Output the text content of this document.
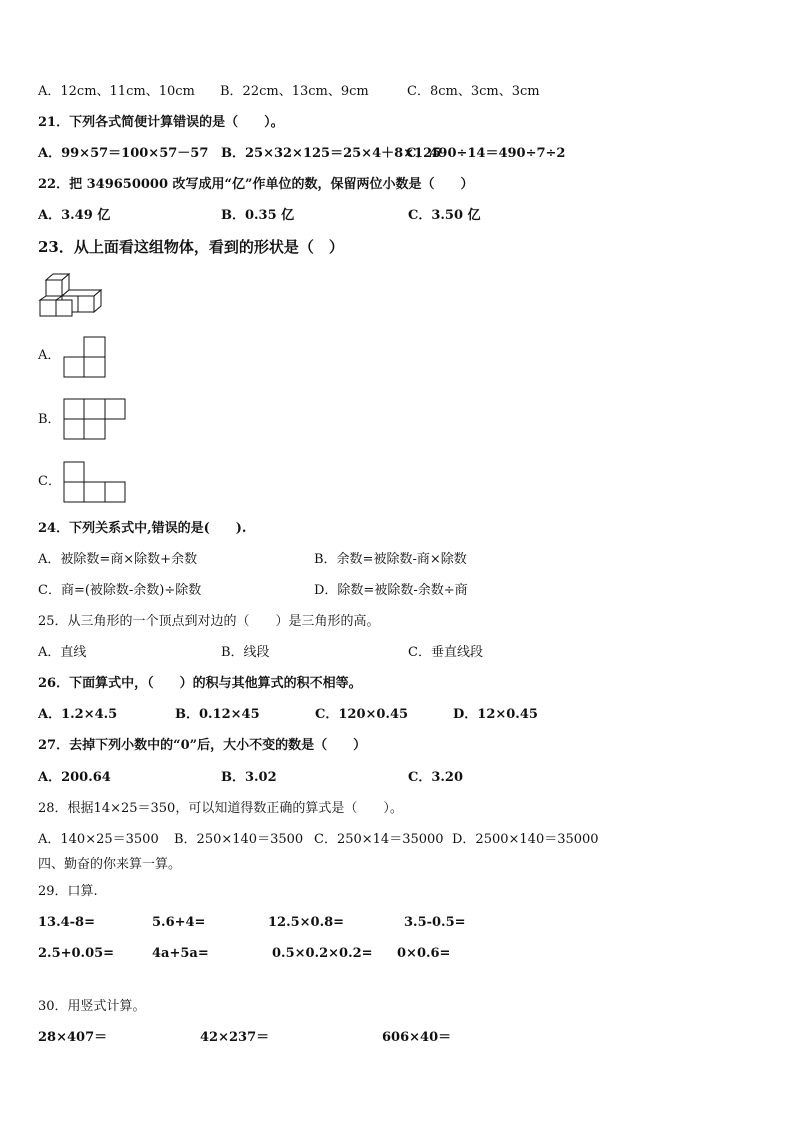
A．12cm、11cm、10cm B．22cm、13cm、9cm	C．8cm、3cm、3cm
21．下列各式简便计算错误的是（　　）。
A．99×57＝100×57－57 B．25×32×125＝25×4＋8×125C．490÷14＝490÷7÷2
22．把 349650000 改写成用“亿”作单位的数，保留两位小数是（　　）
A．3.49 亿	B．0.35 亿	C．3.50 亿
23．从上面看这组物体，看到的形状是（　）
A．
B．
C．
24．下列关系式中,错误的是(　　).
A．被除数=商×除数+余数	B．余数=被除数-商×除数
C．商=(被除数-余数)÷除数	D．除数=被除数-余数÷商
25．从三角形的一个顶点到对边的（　　）是三角形的高。
A．直线	B．线段	C．垂直线段
26．下面算式中，（　　）的积与其他算式的积不相等。
A．1.2×4.5	B．0.12×45	C．120×0.45	D．12×0.45
27．去掉下列小数中的“0”后，大小不变的数是（　　）
A．200.64	B．3.02	C．3.20
28．根据14×25＝350，可以知道得数正确的算式是（　　）。
A．140×25＝3500 B．250×140＝3500 C．250×14＝35000 D．2500×140＝35000
四、勤奋的你来算一算。
29．口算.
13.4-8=	5.6+4=	12.5×0.8=	3.5-0.5=
2.5+0.05=	4a+5a=	0.5×0.2×0.2= 0×0.6=
30．用竖式计算。
28×407＝	42×237＝	606×40＝
